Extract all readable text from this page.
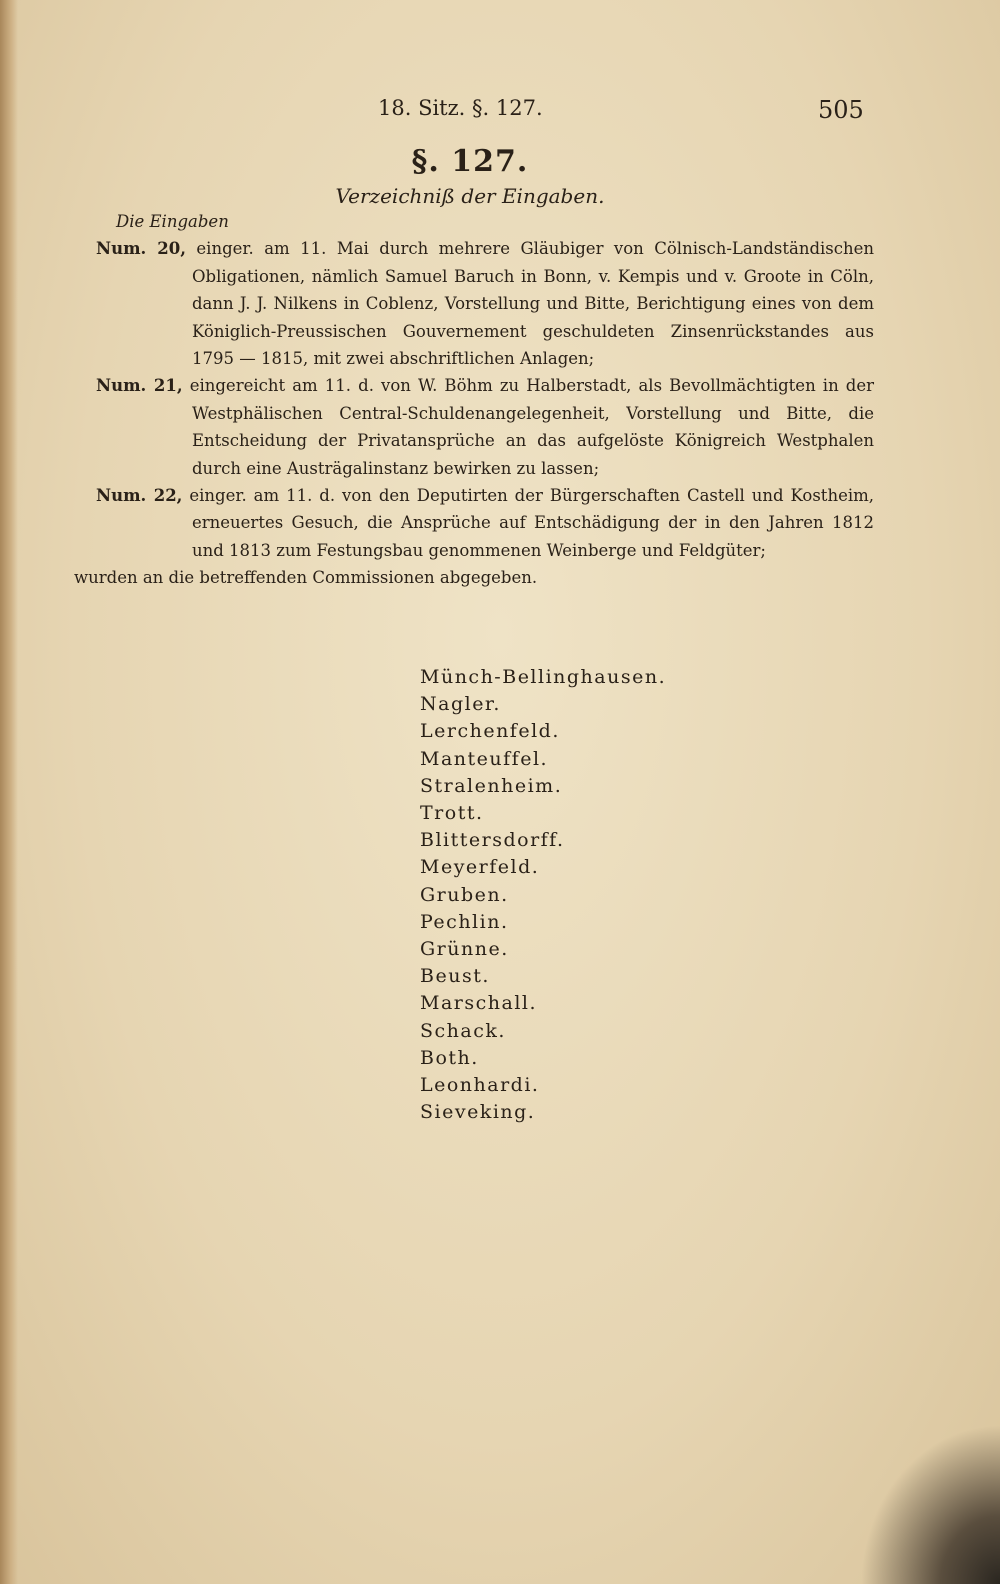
18. Sitz. §. 127.	505
§. 127.
Verzeichniß der Eingaben.
Die Eingaben
Num. 20, einger. am 11. Mai durch mehrere Gläubiger von Cölnisch-Landständischen Obligationen, nämlich Samuel Baruch in Bonn, v. Kempis und v. Groote in Cöln, dann J. J. Nilkens in Coblenz, Vorstellung und Bitte, Berichtigung eines von dem Königlich-Preussischen Gouvernement geschuldeten Zinsenrückstandes aus 1795 — 1815, mit zwei abschriftlichen Anlagen;
Num. 21, eingereicht am 11. d. von W. Böhm zu Halberstadt, als Bevollmächtigten in der Westphälischen Central-Schuldenangelegenheit, Vorstellung und Bitte, die Entscheidung der Privatansprüche an das aufgelöste Königreich Westphalen durch eine Austrägalinstanz bewirken zu lassen;
Num. 22, einger. am 11. d. von den Deputirten der Bürgerschaften Castell und Kostheim, erneuertes Gesuch, die Ansprüche auf Entschädigung der in den Jahren 1812 und 1813 zum Festungsbau genommenen Weinberge und Feldgüter;
wurden an die betreffenden Commissionen abgegeben.
Münch-Bellinghausen.
Nagler.
Lerchenfeld.
Manteuffel.
Stralenheim.
Trott.
Blittersdorff.
Meyerfeld.
Gruben.
Pechlin.
Grünne.
Beust.
Marschall.
Schack.
Both.
Leonhardi.
Sieveking.
